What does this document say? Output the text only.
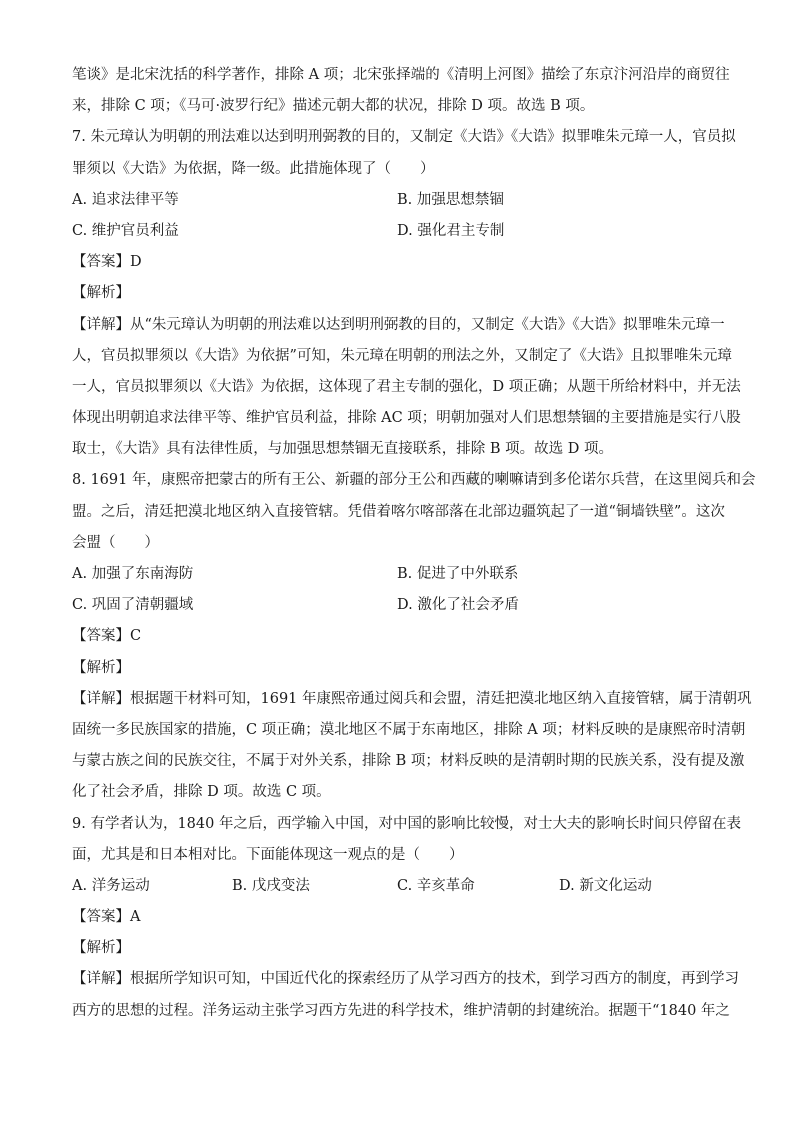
笔谈》是北宋沈括的科学著作，排除 A 项；北宋张择端的《清明上河图》描绘了东京汴河沿岸的商贸往
来，排除 C 项；《马可·波罗行纪》描述元朝大都的状况，排除 D 项。故选 B 项。
7. 朱元璋认为明朝的刑法难以达到明刑弼教的目的，又制定《大诰》《大诰》拟罪唯朱元璋一人，官员拟
罪须以《大诰》为依据，降一级。此措施体现了（　　）
A. 追求法律平等	B. 加强思想禁锢
C. 维护官员利益	D. 强化君主专制
【答案】D
【解析】
【详解】从“朱元璋认为明朝的刑法难以达到明刑弼教的目的，又制定《大诰》《大诰》拟罪唯朱元璋一
人，官员拟罪须以《大诰》为依据”可知，朱元璋在明朝的刑法之外，又制定了《大诰》且拟罪唯朱元璋
一人，官员拟罪须以《大诰》为依据，这体现了君主专制的强化，D 项正确；从题干所给材料中，并无法
体现出明朝追求法律平等、维护官员利益，排除 AC 项；明朝加强对人们思想禁锢的主要措施是实行八股
取士，《大诰》具有法律性质，与加强思想禁锢无直接联系，排除 B 项。故选 D 项。
8. 1691 年，康熙帝把蒙古的所有王公、新疆的部分王公和西藏的喇嘛请到多伦诺尔兵营，在这里阅兵和会
盟。之后，清廷把漠北地区纳入直接管辖。凭借着喀尔喀部落在北部边疆筑起了一道“铜墙铁壁”。这次
会盟（　　）
A. 加强了东南海防	B. 促进了中外联系
C. 巩固了清朝疆域	D. 激化了社会矛盾
【答案】C
【解析】
【详解】根据题干材料可知，1691 年康熙帝通过阅兵和会盟，清廷把漠北地区纳入直接管辖，属于清朝巩
固统一多民族国家的措施，C 项正确；漠北地区不属于东南地区，排除 A 项；材料反映的是康熙帝时清朝
与蒙古族之间的民族交往，不属于对外关系，排除 B 项；材料反映的是清朝时期的民族关系，没有提及激
化了社会矛盾，排除 D 项。故选 C 项。
9. 有学者认为，1840 年之后，西学输入中国，对中国的影响比较慢，对士大夫的影响长时间只停留在表
面，尤其是和日本相对比。下面能体现这一观点的是（　　）
A. 洋务运动	B. 戊戌变法	C. 辛亥革命	D. 新文化运动
【答案】A
【解析】
【详解】根据所学知识可知，中国近代化的探索经历了从学习西方的技术，到学习西方的制度，再到学习
西方的思想的过程。洋务运动主张学习西方先进的科学技术，维护清朝的封建统治。据题干“1840 年之
